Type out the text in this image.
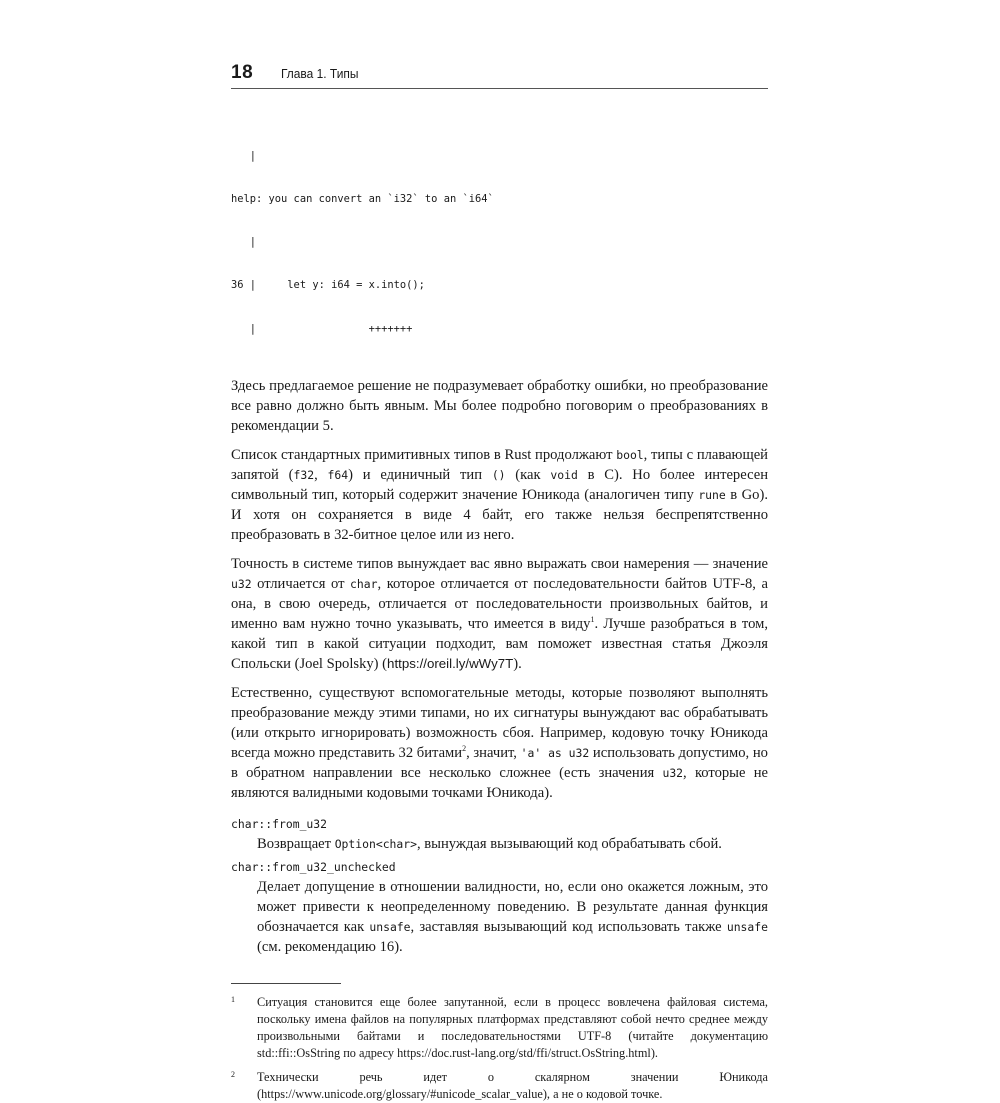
18 Глава 1. Типы

|

help: you can convert an `i32` to an `i64`

|

36 |     let y: i64 = x.into();

|                  +++++++

Здесь предлагаемое решение не подразумевает обработку ошибки, но преобразование все равно должно быть явным. Мы более подробно поговорим о преобразованиях в рекомендации 5.

Список стандартных примитивных типов в Rust продолжают bool, типы с плавающей запятой (f32, f64) и единичный тип () (как void в C). Но более интересен символьный тип, который содержит значение Юникода (аналогичен типу rune в Go). И хотя он сохраняется в виде 4 байт, его также нельзя беспрепятственно преобразовать в 32-битное целое или из него.

Точность в системе типов вынуждает вас явно выражать свои намерения — значение u32 отличается от char, которое отличается от последовательности байтов UTF-8, а она, в свою очередь, отличается от последовательности произвольных байтов, и именно вам нужно точно указывать, что имеется в виду$^1$. Лучше разобраться в том, какой тип в какой ситуации подходит, вам поможет известная статья Джоэля Спольски (Joel Spolsky) (https://oreil.ly/wWy7T).

Естественно, существуют вспомогательные методы, которые позволяют выполнять преобразование между этими типами, но их сигнатуры вынуждают вас обрабатывать (или открыто игнорировать) возможность сбоя. Например, кодовую точку Юникода всегда можно представить 32 битами$^2$, значит, 'a' as u32 использовать допустимо, но в обратном направлении все несколько сложнее (есть значения u32, которые не являются валидными кодовыми точками Юникода).

char::from_u32
Возвращает Option<char>, вынуждая вызывающий код обрабатывать сбой.
char::from_u32_unchecked
Делает допущение в отношении валидности, но, если оно окажется ложным, это может привести к неопределенному поведению. В результате данная функция обозначается как unsafe, заставляя вызывающий код использовать также unsafe (см. рекомендацию 16).
1 Ситуация становится еще более запутанной, если в процесс вовлечена файловая система, поскольку имена файлов на популярных платформах представляют собой нечто среднее между произвольными байтами и последовательностями UTF-8 (читайте документацию std::ffi::OsString по адресу https://doc.rust-lang.org/std/ffi/struct.OsString.html).
2 Технически речь идет о скалярном значении Юникода (https://www.unicode.org/glossary/#unicode_scalar_value), а не о кодовой точке.
